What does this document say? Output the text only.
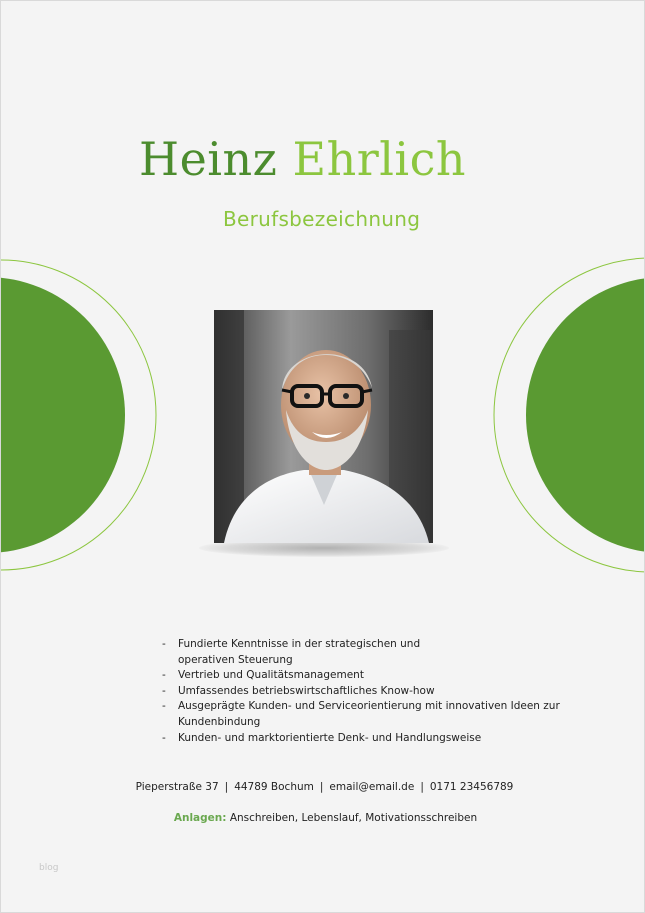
Heinz Ehrlich
Berufsbezeichnung
- Fundierte Kenntnisse in der strategischen und
operativen Steuerung
- Vertrieb und Qualitätsmanagement
- Umfassendes betriebswirtschaftliches Know-how
- Ausgeprägte Kunden- und Serviceorientierung mit innovativen Ideen zur
Kundenbindung
- Kunden- und marktorientierte Denk- und Handlungsweise
Pieperstraße 37 | 44789 Bochum | email@email.de | 0171 23456789
Anlagen: Anschreiben, Lebenslauf, Motivationsschreiben
blog
